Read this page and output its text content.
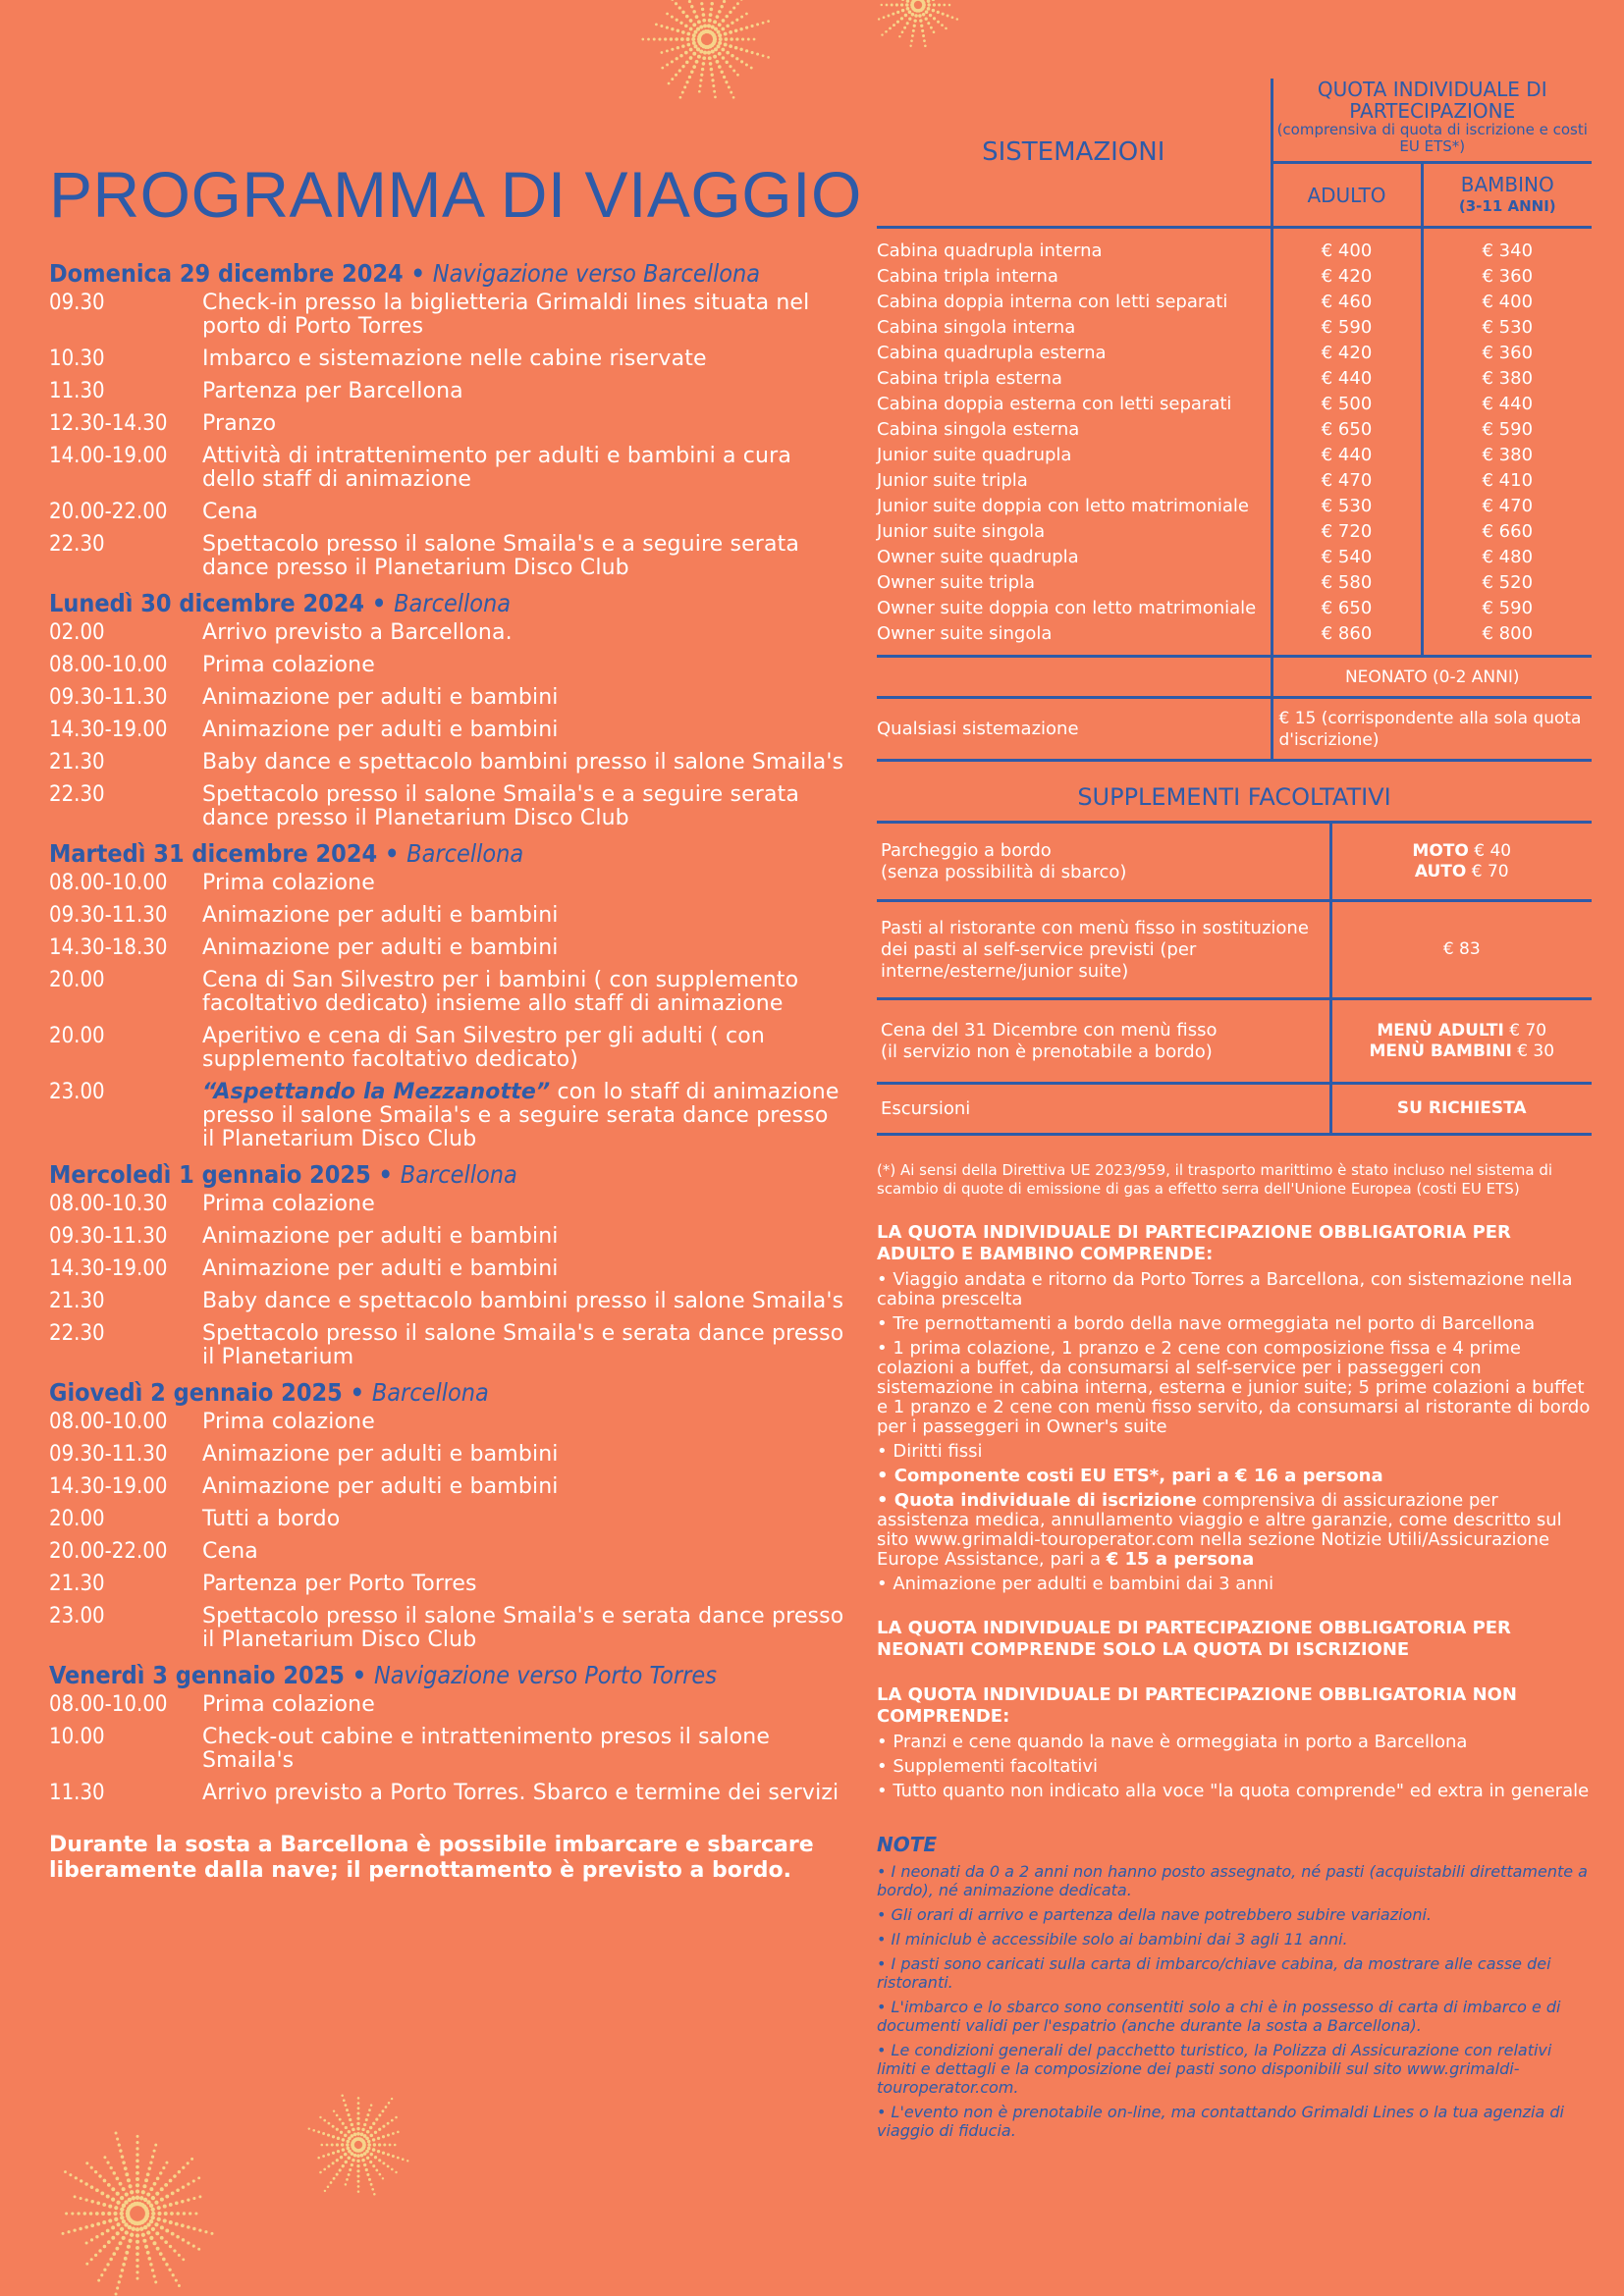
PROGRAMMA DI VIAGGIO
Domenica 29 dicembre 2024 • Navigazione verso Barcellona
09.30	Check-in presso la biglietteria Grimaldi lines situata nel porto di Porto Torres
10.30	Imbarco e sistemazione nelle cabine riservate
11.30	Partenza per Barcellona
12.30-14.30	Pranzo
14.00-19.00	Attività di intrattenimento per adulti e bambini a cura dello staff di animazione
20.00-22.00	Cena
22.30	Spettacolo presso il salone Smaila's e a seguire serata dance presso il Planetarium Disco Club
Lunedì 30 dicembre 2024 • Barcellona
02.00	Arrivo previsto a Barcellona.
08.00-10.00	Prima colazione
09.30-11.30	Animazione per adulti e bambini
14.30-19.00	Animazione per adulti e bambini
21.30	Baby dance e spettacolo bambini presso il salone Smaila's
22.30	Spettacolo presso il salone Smaila's e a seguire serata dance presso il Planetarium Disco Club
Martedì 31 dicembre 2024 • Barcellona
08.00-10.00	Prima colazione
09.30-11.30	Animazione per adulti e bambini
14.30-18.30	Animazione per adulti e bambini
20.00	Cena di San Silvestro per i bambini ( con supplemento facoltativo dedicato) insieme allo staff di animazione
20.00	Aperitivo e cena di San Silvestro per gli adulti ( con supplemento facoltativo dedicato)
23.00	“Aspettando la Mezzanotte” con lo staff di animazione presso il salone Smaila's e a seguire serata dance presso il Planetarium Disco Club
Mercoledì 1 gennaio 2025 • Barcellona
08.00-10.30	Prima colazione
09.30-11.30	Animazione per adulti e bambini
14.30-19.00	Animazione per adulti e bambini
21.30	Baby dance e spettacolo bambini presso il salone Smaila's
22.30	Spettacolo presso il salone Smaila's e serata dance presso il Planetarium
Giovedì 2 gennaio 2025 • Barcellona
08.00-10.00	Prima colazione
09.30-11.30	Animazione per adulti e bambini
14.30-19.00	Animazione per adulti e bambini
20.00	Tutti a bordo
20.00-22.00	Cena
21.30	Partenza per Porto Torres
23.00	Spettacolo presso il salone Smaila's e serata dance presso il Planetarium Disco Club
Venerdì 3 gennaio 2025 • Navigazione verso Porto Torres
08.00-10.00	Prima colazione
10.00	Check-out cabine e intrattenimento presos il salone Smaila's
11.30	Arrivo previsto a Porto Torres. Sbarco e termine dei servizi

Durante la sosta a Barcellona è possibile imbarcare e sbarcare liberamente dalla nave; il pernottamento è previsto a bordo.

SISTEMAZIONI	QUOTA INDIVIDUALE DI PARTECIPAZIONE
(comprensiva di quota di iscrizione e costi EU ETS*)	

	ADULTO	BAMBINO
(3-11 ANNI)
Cabina quadrupla interna	€ 400	€ 340
Cabina tripla interna	€ 420	€ 360
Cabina doppia interna con letti separati	€ 460	€ 400
Cabina singola interna	€ 590	€ 530
Cabina quadrupla esterna	€ 420	€ 360
Cabina tripla esterna	€ 440	€ 380
Cabina doppia esterna con letti separati	€ 500	€ 440
Cabina singola esterna	€ 650	€ 590
Junior suite quadrupla	€ 440	€ 380
Junior suite tripla	€ 470	€ 410
Junior suite doppia con letto matrimoniale	€ 530	€ 470
Junior suite singola	€ 720	€ 660
Owner suite quadrupla	€ 540	€ 480
Owner suite tripla	€ 580	€ 520
Owner suite doppia con letto matrimoniale	€ 650	€ 590
Owner suite singola	€ 860	€ 800
	NEONATO (0-2 ANNI)	
Qualsiasi sistemazione	€ 15 (corrispondente alla sola quota d'iscrizione)	
SUPPLEMENTI FACOLTATIVI
Parcheggio a bordo
(senza possibilità di sbarco)	MOTO € 40
AUTO € 70
Pasti al ristorante con menù fisso in sostituzione dei pasti al self-service previsti (per interne/esterne/junior suite)	€ 83
Cena del 31 Dicembre con menù fisso
(il servizio non è prenotabile a bordo)	MENÙ ADULTI € 70
MENÙ BAMBINI € 30
Escursioni	SU RICHIESTA

(*) Ai sensi della Direttiva UE 2023/959, il trasporto marittimo è stato incluso nel sistema di scambio di quote di emissione di gas a effetto serra dell'Unione Europea (costi EU ETS)

LA QUOTA INDIVIDUALE DI PARTECIPAZIONE OBBLIGATORIA PER ADULTO E BAMBINO COMPRENDE:

• Viaggio andata e ritorno da Porto Torres a Barcellona, con sistemazione nella cabina prescelta

• Tre pernottamenti a bordo della nave ormeggiata nel porto di Barcellona

• 1 prima colazione, 1 pranzo e 2 cene con composizione fissa e 4 prime colazioni a buffet, da consumarsi al self-service per i passeggeri con sistemazione in cabina interna, esterna e junior suite; 5 prime colazioni a buffet e 1 pranzo e 2 cene con menù fisso servito, da consumarsi al ristorante di bordo per i passeggeri in Owner's suite

• Diritti fissi

• Componente costi EU ETS*, pari a € 16 a persona

• Quota individuale di iscrizione comprensiva di assicurazione per assistenza medica, annullamento viaggio e altre garanzie, come descritto sul sito www.grimaldi-touroperator.com nella sezione Notizie Utili/Assicurazione Europe Assistance, pari a € 15 a persona

• Animazione per adulti e bambini dai 3 anni

LA QUOTA INDIVIDUALE DI PARTECIPAZIONE OBBLIGATORIA PER NEONATI COMPRENDE SOLO LA QUOTA DI ISCRIZIONE

LA QUOTA INDIVIDUALE DI PARTECIPAZIONE OBBLIGATORIA NON COMPRENDE:

• Pranzi e cene quando la nave è ormeggiata in porto a Barcellona

• Supplementi facoltativi

• Tutto quanto non indicato alla voce "la quota comprende" ed extra in generale

NOTE

• I neonati da 0 a 2 anni non hanno posto assegnato, né pasti (acquistabili direttamente a bordo), né animazione dedicata.

• Gli orari di arrivo e partenza della nave potrebbero subire variazioni.

• Il miniclub è accessibile solo ai bambini dai 3 agli 11 anni.

• I pasti sono caricati sulla carta di imbarco/chiave cabina, da mostrare alle casse dei ristoranti.

• L'imbarco e lo sbarco sono consentiti solo a chi è in possesso di carta di imbarco e di documenti validi per l'espatrio (anche durante la sosta a Barcellona).

• Le condizioni generali del pacchetto turistico, la Polizza di Assicurazione con relativi limiti e dettagli e la composizione dei pasti sono disponibili sul sito www.grimaldi-touroperator.com.

• L'evento non è prenotabile on-line, ma contattando Grimaldi Lines o la tua agenzia di viaggio di fiducia.
